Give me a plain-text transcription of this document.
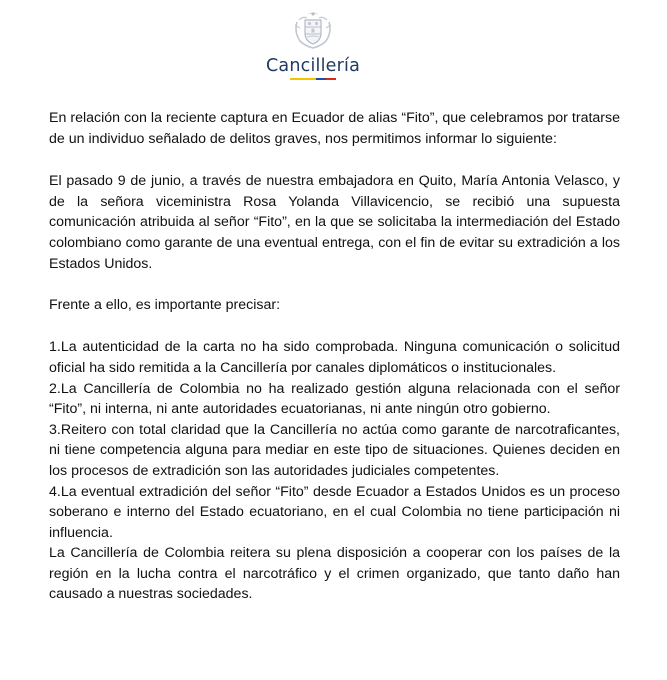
Cancillería

En relación con la reciente captura en Ecuador de alias “Fito”, que celebramos por tratarse de un individuo señalado de delitos graves, nos permitimos informar lo siguiente:

El pasado 9 de junio, a través de nuestra embajadora en Quito, María Antonia Velasco, y de la señora viceministra Rosa Yolanda Villavicencio, se recibió una supuesta comunicación atribuida al señor “Fito”, en la que se solicitaba la intermediación del Estado colombiano como garante de una eventual entrega, con el fin de evitar su extradición a los Estados Unidos.

Frente a ello, es importante precisar:

1.La autenticidad de la carta no ha sido comprobada. Ninguna comunicación o solicitud oficial ha sido remitida a la Cancillería por canales diplomáticos o institucionales.

2.La Cancillería de Colombia no ha realizado gestión alguna relacionada con el señor “Fito”, ni interna, ni ante autoridades ecuatorianas, ni ante ningún otro gobierno.

3.Reitero con total claridad que la Cancillería no actúa como garante de narcotraficantes, ni tiene competencia alguna para mediar en este tipo de situaciones. Quienes deciden en los procesos de extradición son las autoridades judiciales competentes.

4.La eventual extradición del señor “Fito” desde Ecuador a Estados Unidos es un proceso soberano e interno del Estado ecuatoriano, en el cual Colombia no tiene participación ni influencia.

La Cancillería de Colombia reitera su plena disposición a cooperar con los países de la región en la lucha contra el narcotráfico y el crimen organizado, que tanto daño han causado a nuestras sociedades.
